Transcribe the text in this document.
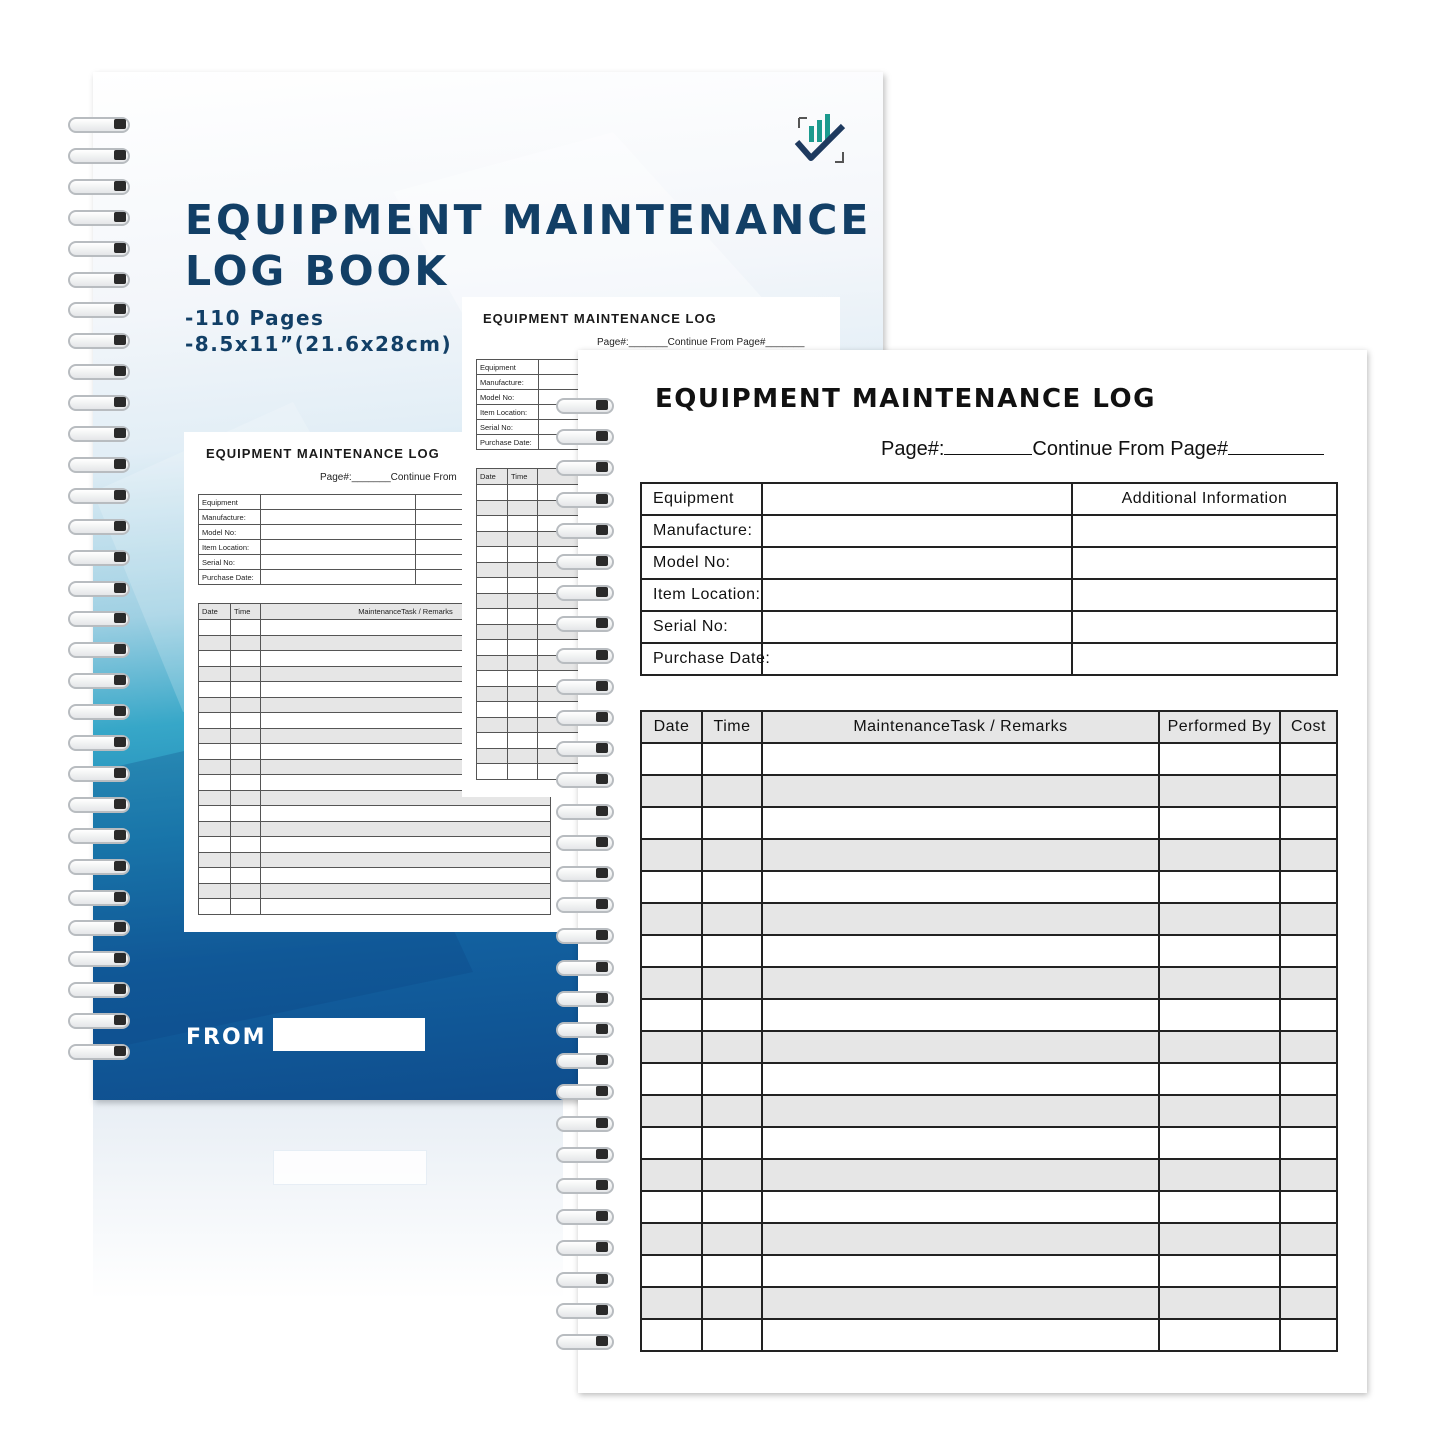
EQUIPMENT MAINTENANCE
LOG BOOK
-110 Pages
-8.5x11”(21.6x28cm)
FROM
EQUIPMENT MAINTENANCE LOG
Page#:_______Continue From
Equipment		
Manufacture:		
Model No:		
Item Location:		
Serial No:		
Purchase Date:		
Date	Time	MaintenanceTask / Remarks

EQUIPMENT MAINTENANCE LOG
Page#:_______Continue From Page#_______
Equipment	
Manufacture:	
Model No:	
Item Location:	
Serial No:	
Purchase Date:	
Date	Time	

EQUIPMENT MAINTENANCE LOG
Page#:	Continue From Page#
Equipment		Additional Information
Manufacture:		
Model No:		
Item Location:		
Serial No:		
Purchase Date:		
Date	Time	MaintenanceTask / Remarks	Performed By	Cost
